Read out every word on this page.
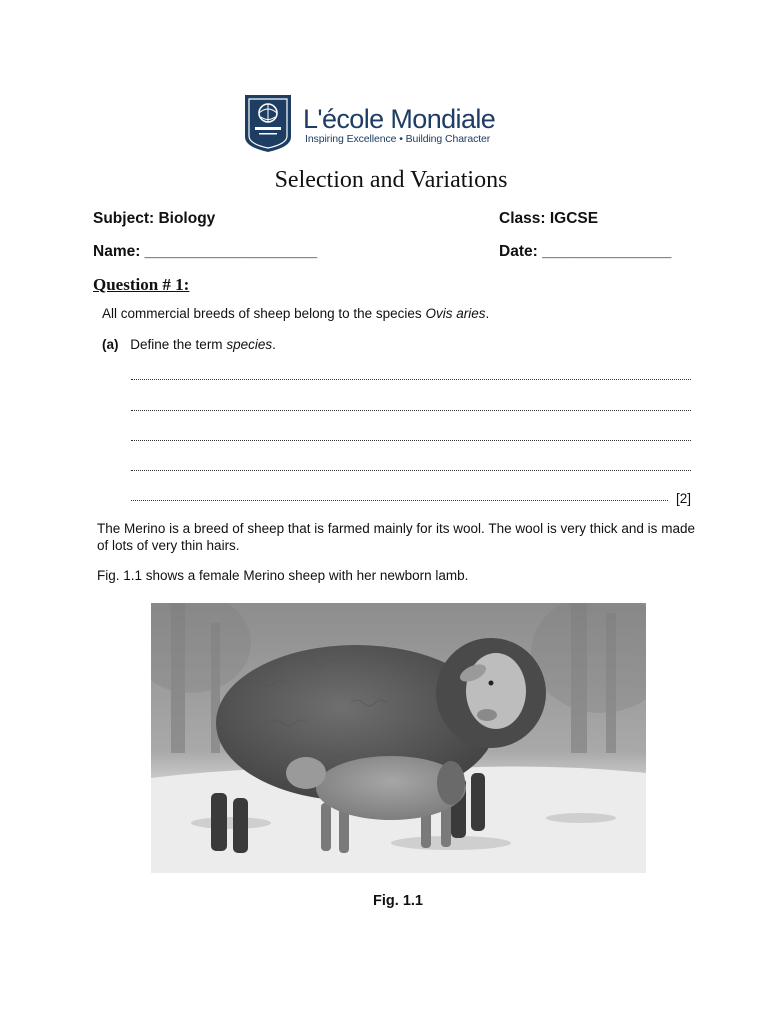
L'école Mondiale
Inspiring Excellence • Building Character
Selection and Variations
Subject: Biology	Class: IGCSE
Name: ____________________	Date: _______________
Question # 1:
All commercial breeds of sheep belong to the species Ovis aries.
(a) Define the term species.
[2]
The Merino is a breed of sheep that is farmed mainly for its wool. The wool is very thick and is made of lots of very thin hairs.
Fig. 1.1 shows a female Merino sheep with her newborn lamb.
Fig. 1.1
